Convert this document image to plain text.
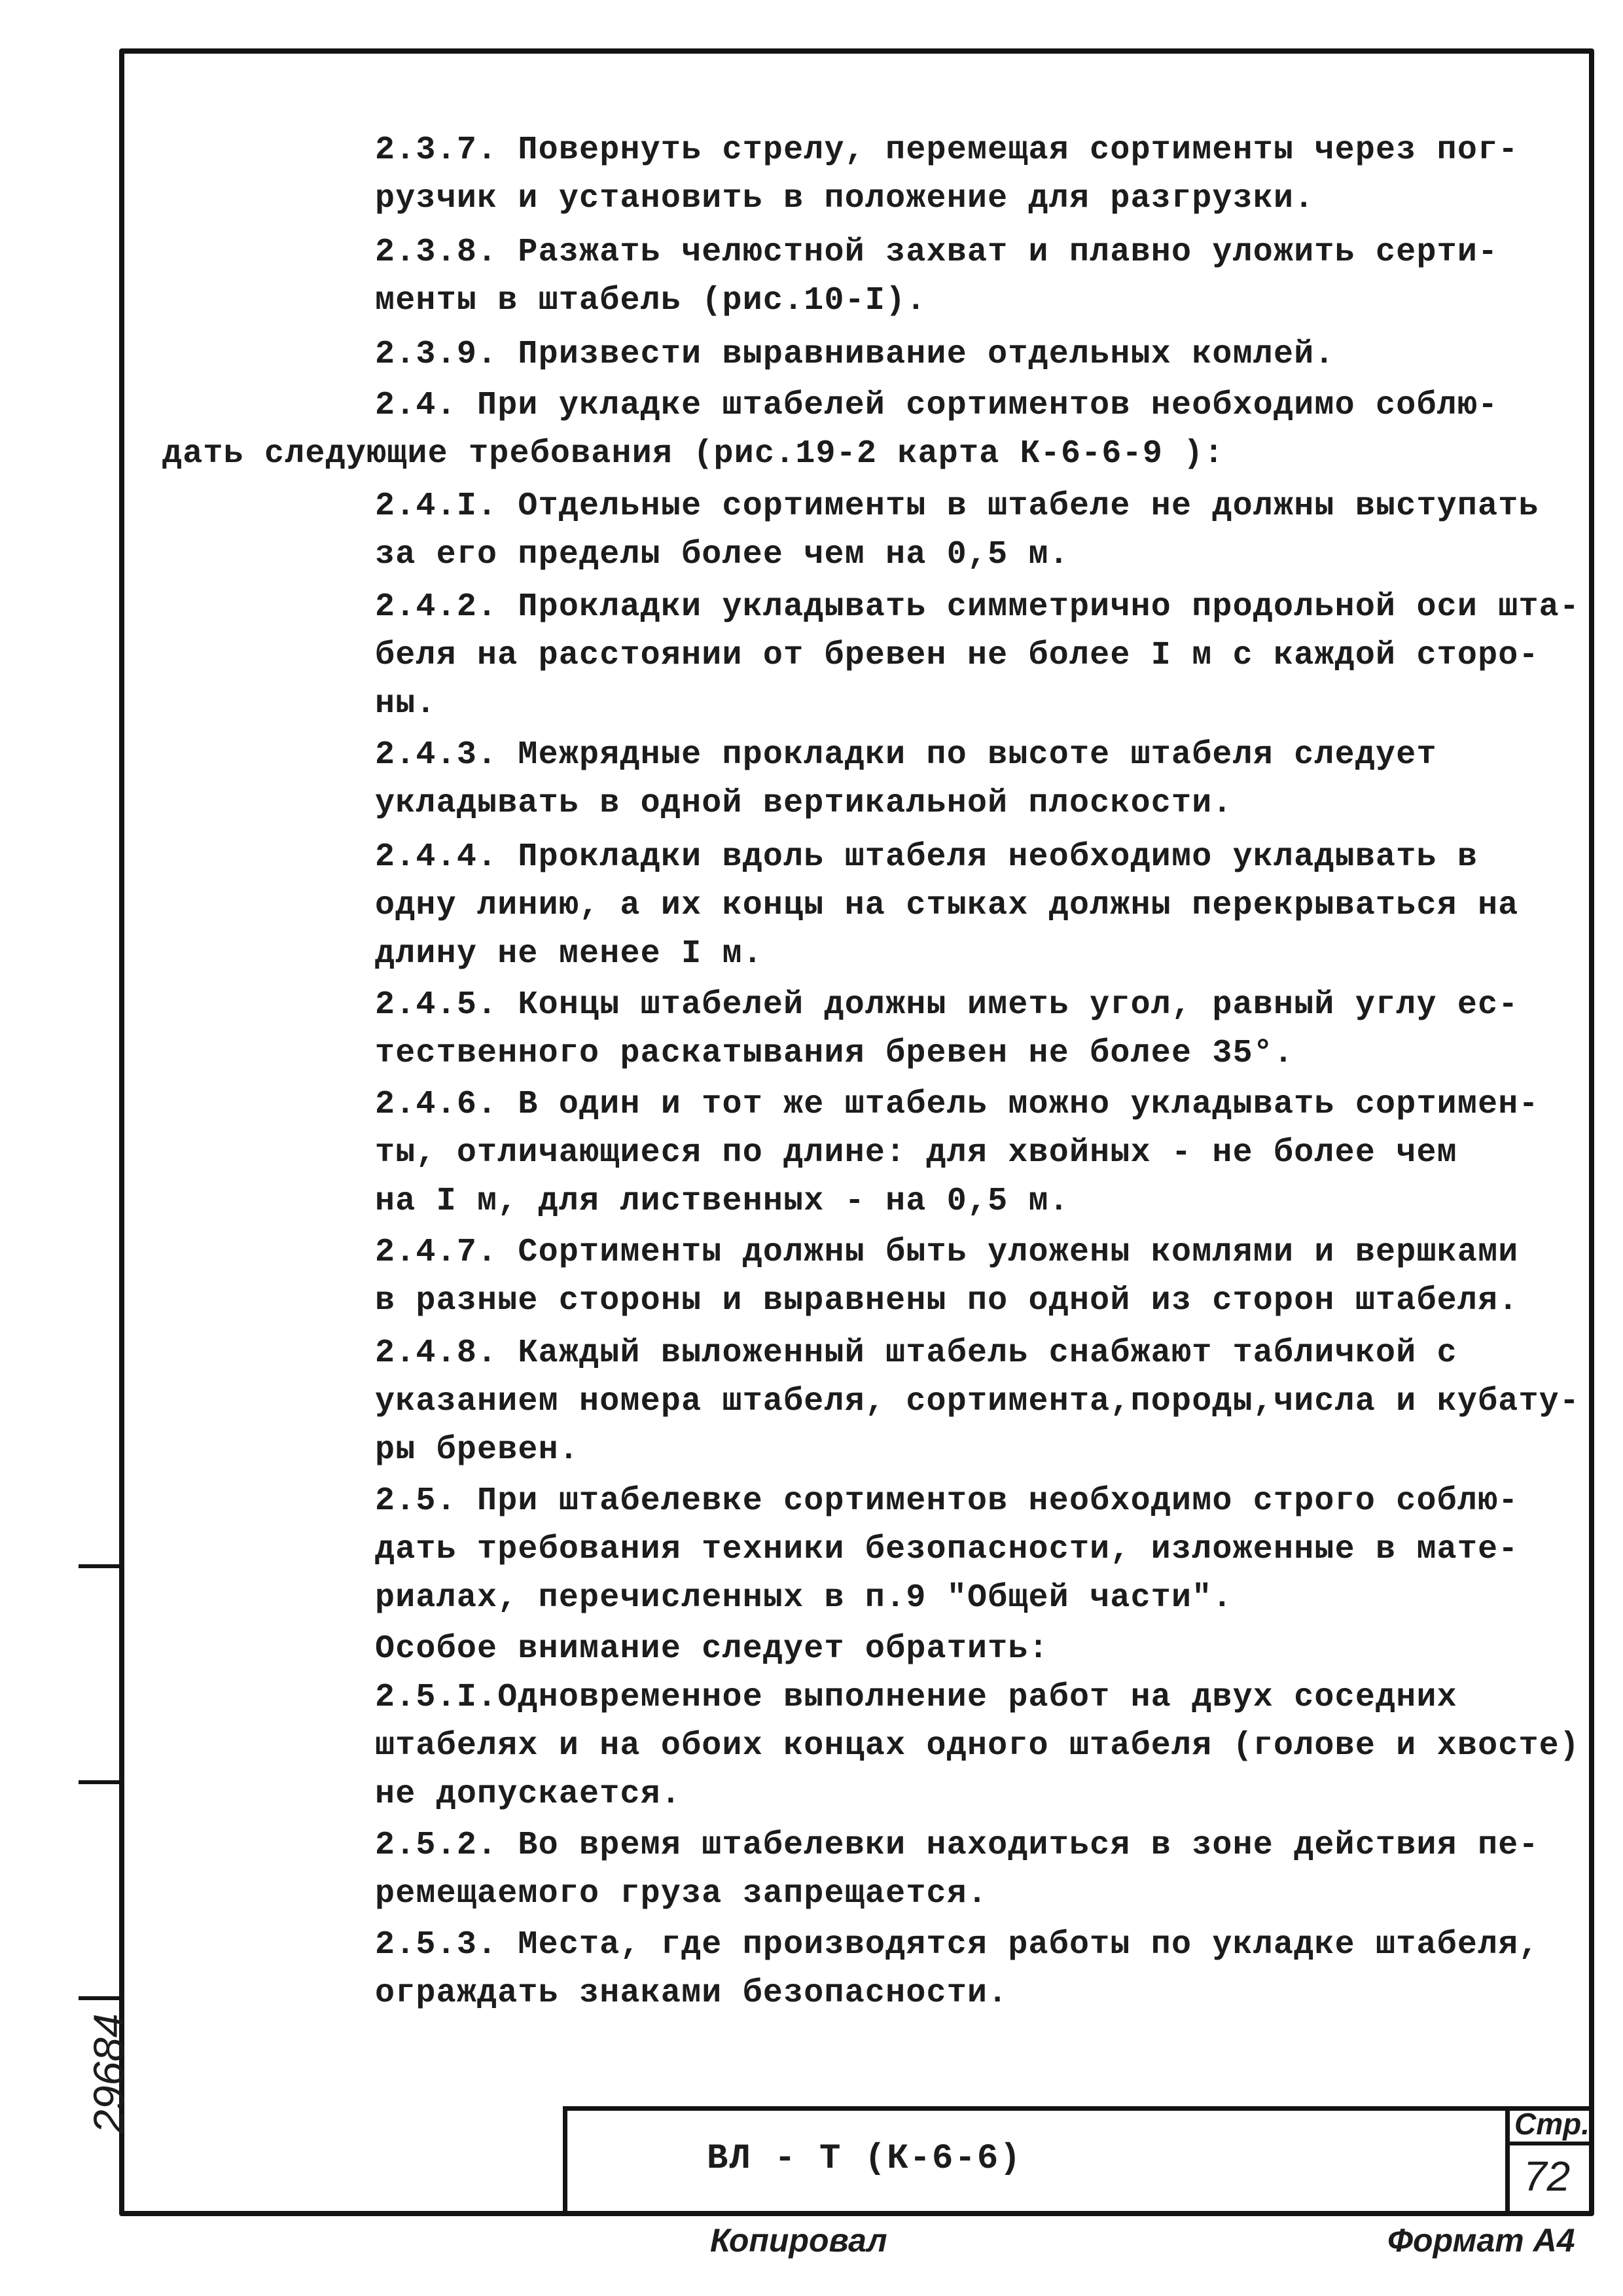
29684
2.3.7. Повернуть стрелу, перемещая сортименты через пог-
рузчик и установить в положение для разгрузки.
2.3.8. Разжать челюстной захват и плавно уложить серти-
менты в штабель (рис.10-I).
2.3.9. Призвести выравнивание отдельных комлей.
2.4. При укладке штабелей сортиментов необходимо соблю-
дать следующие требования (рис.19-2 карта К-6-6-9 ):
2.4.I. Отдельные сортименты в штабеле не должны выступать
за его пределы более чем на 0,5 м.
2.4.2. Прокладки укладывать симметрично продольной оси шта-
беля на расстоянии от бревен не более I м с каждой сторо-
ны.
2.4.3. Межрядные прокладки по высоте штабеля следует
укладывать в одной вертикальной плоскости.
2.4.4. Прокладки вдоль штабеля необходимо укладывать в
одну линию, а их концы на стыках должны перекрываться на
длину не менее I м.
2.4.5. Концы штабелей должны иметь угол, равный углу ес-
тественного раскатывания бревен не более 35°.
2.4.6. В один и тот же штабель можно укладывать сортимен-
ты, отличающиеся по длине: для хвойных - не более чем
на I м, для лиственных - на 0,5 м.
2.4.7. Сортименты должны быть уложены комлями и вершками
в разные стороны и выравнены по одной из сторон штабеля.
2.4.8. Каждый выложенный штабель снабжают табличкой с
указанием номера штабеля, сортимента,породы,числа и кубату-
ры бревен.
2.5. При штабелевке сортиментов необходимо строго соблю-
дать требования техники безопасности, изложенные в мате-
риалах, перечисленных в п.9 "Общей части".
Особое внимание следует обратить:
2.5.I.Одновременное выполнение работ на двух соседних
штабелях и на обоих концах одного штабеля (голове и хвосте)
не допускается.
2.5.2. Во время штабелевки находиться в зоне действия пе-
ремещаемого груза запрещается.
2.5.3. Места, где производятся работы по укладке штабеля,
ограждать знаками безопасности.
ВЛ - Т (К-6-6)
Стр.
72
Копировал	Формат А4
